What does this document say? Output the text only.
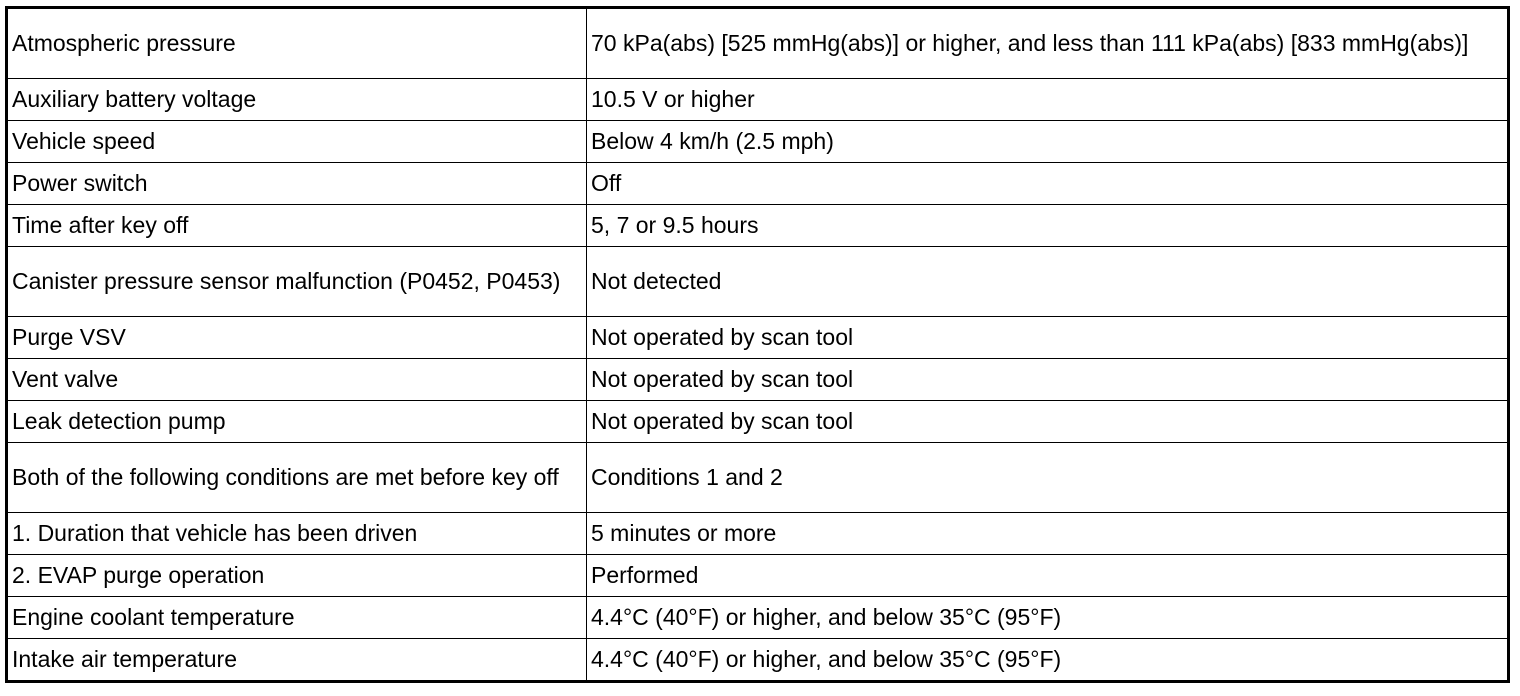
Atmospheric pressure	70 kPa(abs) [525 mmHg(abs)] or higher, and less than 111 kPa(abs) [833 mmHg(abs)]
Auxiliary battery voltage	10.5 V or higher
Vehicle speed	Below 4 km/h (2.5 mph)
Power switch	Off
Time after key off	5, 7 or 9.5 hours
Canister pressure sensor malfunction (P0452, P0453)	Not detected
Purge VSV	Not operated by scan tool
Vent valve	Not operated by scan tool
Leak detection pump	Not operated by scan tool
Both of the following conditions are met before key off	Conditions 1 and 2
1. Duration that vehicle has been driven	5 minutes or more
2. EVAP purge operation	Performed
Engine coolant temperature	4.4°C (40°F) or higher, and below 35°C (95°F)
Intake air temperature	4.4°C (40°F) or higher, and below 35°C (95°F)
